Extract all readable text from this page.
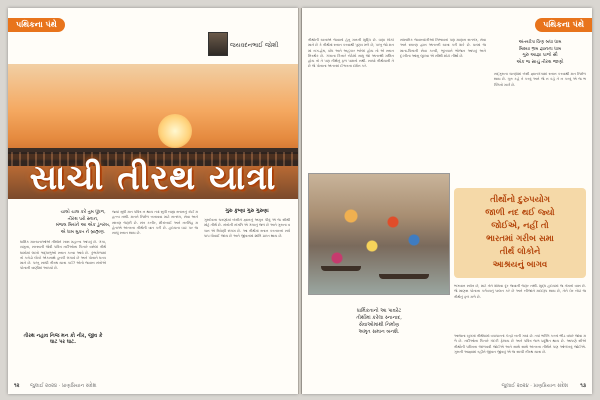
પથિકના પંથે
જયવદનભાઈ જોશી
સાચી તીરથ યાત્રા
ચાલો ચાલ કરે તુમ ધૂંધળ,
તીરથ પરો સ્નાન,
મંજલ મિયંને આ એક ડુંગરબ,
એ ધામ મુક્ત ને બ્રાહ્મણ.
ધાર્મિક માન્યતાઓએ તીર્થોને ખાસ મહત્ત્વ આપ્યું છે. ગંગા, યમુના, સરસ્વતી જેવી પવિત્ર નદીઓના કિનારે વસેલાં તીર્થધામોમાં લાખો શ્રદ્ધાળુઓ સ્નાન કરવા આવે છે. કુંભમેળામાં તો કરોડો લોકો એકસાથે ડૂબકી લગાવે છે અને પોતાને ધન્ય માને છે. પરંતુ સાચી તીરથ યાત્રા કઈ? એનો જવાબ સંતોએ પોતાની વાણીમાં આપ્યો છે.
તીરથ નહાવ નિજ મન કો નીર, જીવ કે ઘાટ પર ઘાટ.
જ્યાં સુધી મન પવિત્ર ન થાય ત્યાં સુધી બાહ્ય સ્નાનનું કોઈ મહત્ત્વ નથી. મનને નિર્મળ બનાવવા માટે સત્સંગ, સેવા અને સ્મરણ જરૂરી છે. સંત કબીર, મીરાંબાઈ અને નરસિંહ મહેતાએ અંતરના તીર્થની વાત કરી છે. હૃદયના ઘાટ પર જ સાચું સ્નાન થાય છે.
ગુરુ કૃષ્ણા ગુરુ ગુરુણા
ગુરુદેવના ચરણોમાં બેસીને જ્ઞાનનું અમૃત પીવું એ જ સૌથી મોટું તીર્થ છે. સંતોની સંગતિ એ ગંગાનું જળ છે અને ગુરુના વચન એ ત્રિવેણી સંગમ છે. આ તીર્થમાં સ્નાન કરનારનાં સર્વ પાપ ધોવાઈ જાય છે અને જીવનમાં શાંતિ પ્રાપ્ત થાય છે.
૧૨ જુલાઈ ૨૦૨૪ · પ્રાણપ્રિયાન સંદેશ
પથિકના પંથે
તીર્થોની યાત્રાએ જવાનો હેતુ મનની શુદ્ધિ છે. ઘણા લોકો માને છે કે તીર્થમાં સ્નાન કરવાથી પુણ્ય મળે છે, પરંતુ જો મનમાં રાગ-દ્વેષ, ક્રોધ અને અહંકાર ભરેલાં હોય તો એ સ્નાન નિરર્થક છે. ગંગાના કિનારે બેઠેલો સાધુ જો અંતરથી મલિન હોય તો તે પણ તીર્થનું ફળ પામતો નથી. સાચો તીર્થયાત્રી તે છે જે પોતાના અંતરમાં ઈશ્વરના દર્શન કરે.
સાંસારિક જવાબદારીઓ નિભાવતાં પણ માણસ સત્સંગ, સેવા અને સ્મરણ દ્વારા અંતરની યાત્રા કરી શકે છે. ઘરમાં જ માતા-પિતાની સેવા કરવી, ભૂખ્યાને ભોજન આપવું અને દુઃખીના આંસુ લૂછવા એ સૌથી મોટાં તીર્થો છે.
અંતર્યાત્રા વિણ બધા ધામ
મિથ્યા ભ્રમ જ્ઞાનના ધામ
ગુરુ આજ્ઞા પાળો સૌ
એક જ સાચું તીરથ જાણો
સદ્ગુરુના ચરણોમાં બેસી જ્ઞાનગંગામાં સ્નાન કરવાથી મન નિર્મળ થાય છે. ગુરુ કહે તે કરવું અને જે ન કહે તે ન કરવું એ જ ભક્તિનો માર્ગ છે.
ધાર્મિકતાનો આ પાવરેટ
તીર્થોમાં કરેલા સ્નાનાદ,
સેવાઓમાંથી નિર્માણ
અમૃત સમાન બનશે.
તીર્થોનો દુરુપયોગ
જાળી નદ થઈ જ્યો
જોઈએ, નહીં તો
ભારતમાં ગરીબ સમા
તીર્થ લોકોને
આશ્રયનું બાગવ
ભગવાન સર્વત્ર છે, માટે તેને શોધવા દૂર જવાની જરૂર નથી. શુદ્ધ હૃદયમાં જ તેમનો વાસ છે. જે માણસ પોતાના કર્તવ્યનું પાલન કરે છે અને બીજાને મદદરૂપ થાય છે, તેને ઘેર બેઠાં જ તીર્થનું ફળ મળે છે.
આજના યુગમાં તીર્થધામો વ્યાપારનાં કેન્દ્રો બની ગયાં છે. ત્યાં ભક્તિ કરતાં ભીડ વધારે જોવા મળે છે. નદીઓના કિનારે ગંદકી ફેલાય છે અને પવિત્ર જળ પ્રદૂષિત થાય છે. આપણે સૌએ તીર્થોની પવિત્રતા જાળવવી જોઈએ અને સાથે સાથે અંતરના તીર્થને પણ ઓળખવું જોઈએ. ગુરુની આજ્ઞામાં રહીને જીવન જીવવું એ જ સાચી તીરથ યાત્રા છે.
જુલાઈ ૨૦૨૪ · પ્રાણપ્રિયાન સંદેશ ૧૩
